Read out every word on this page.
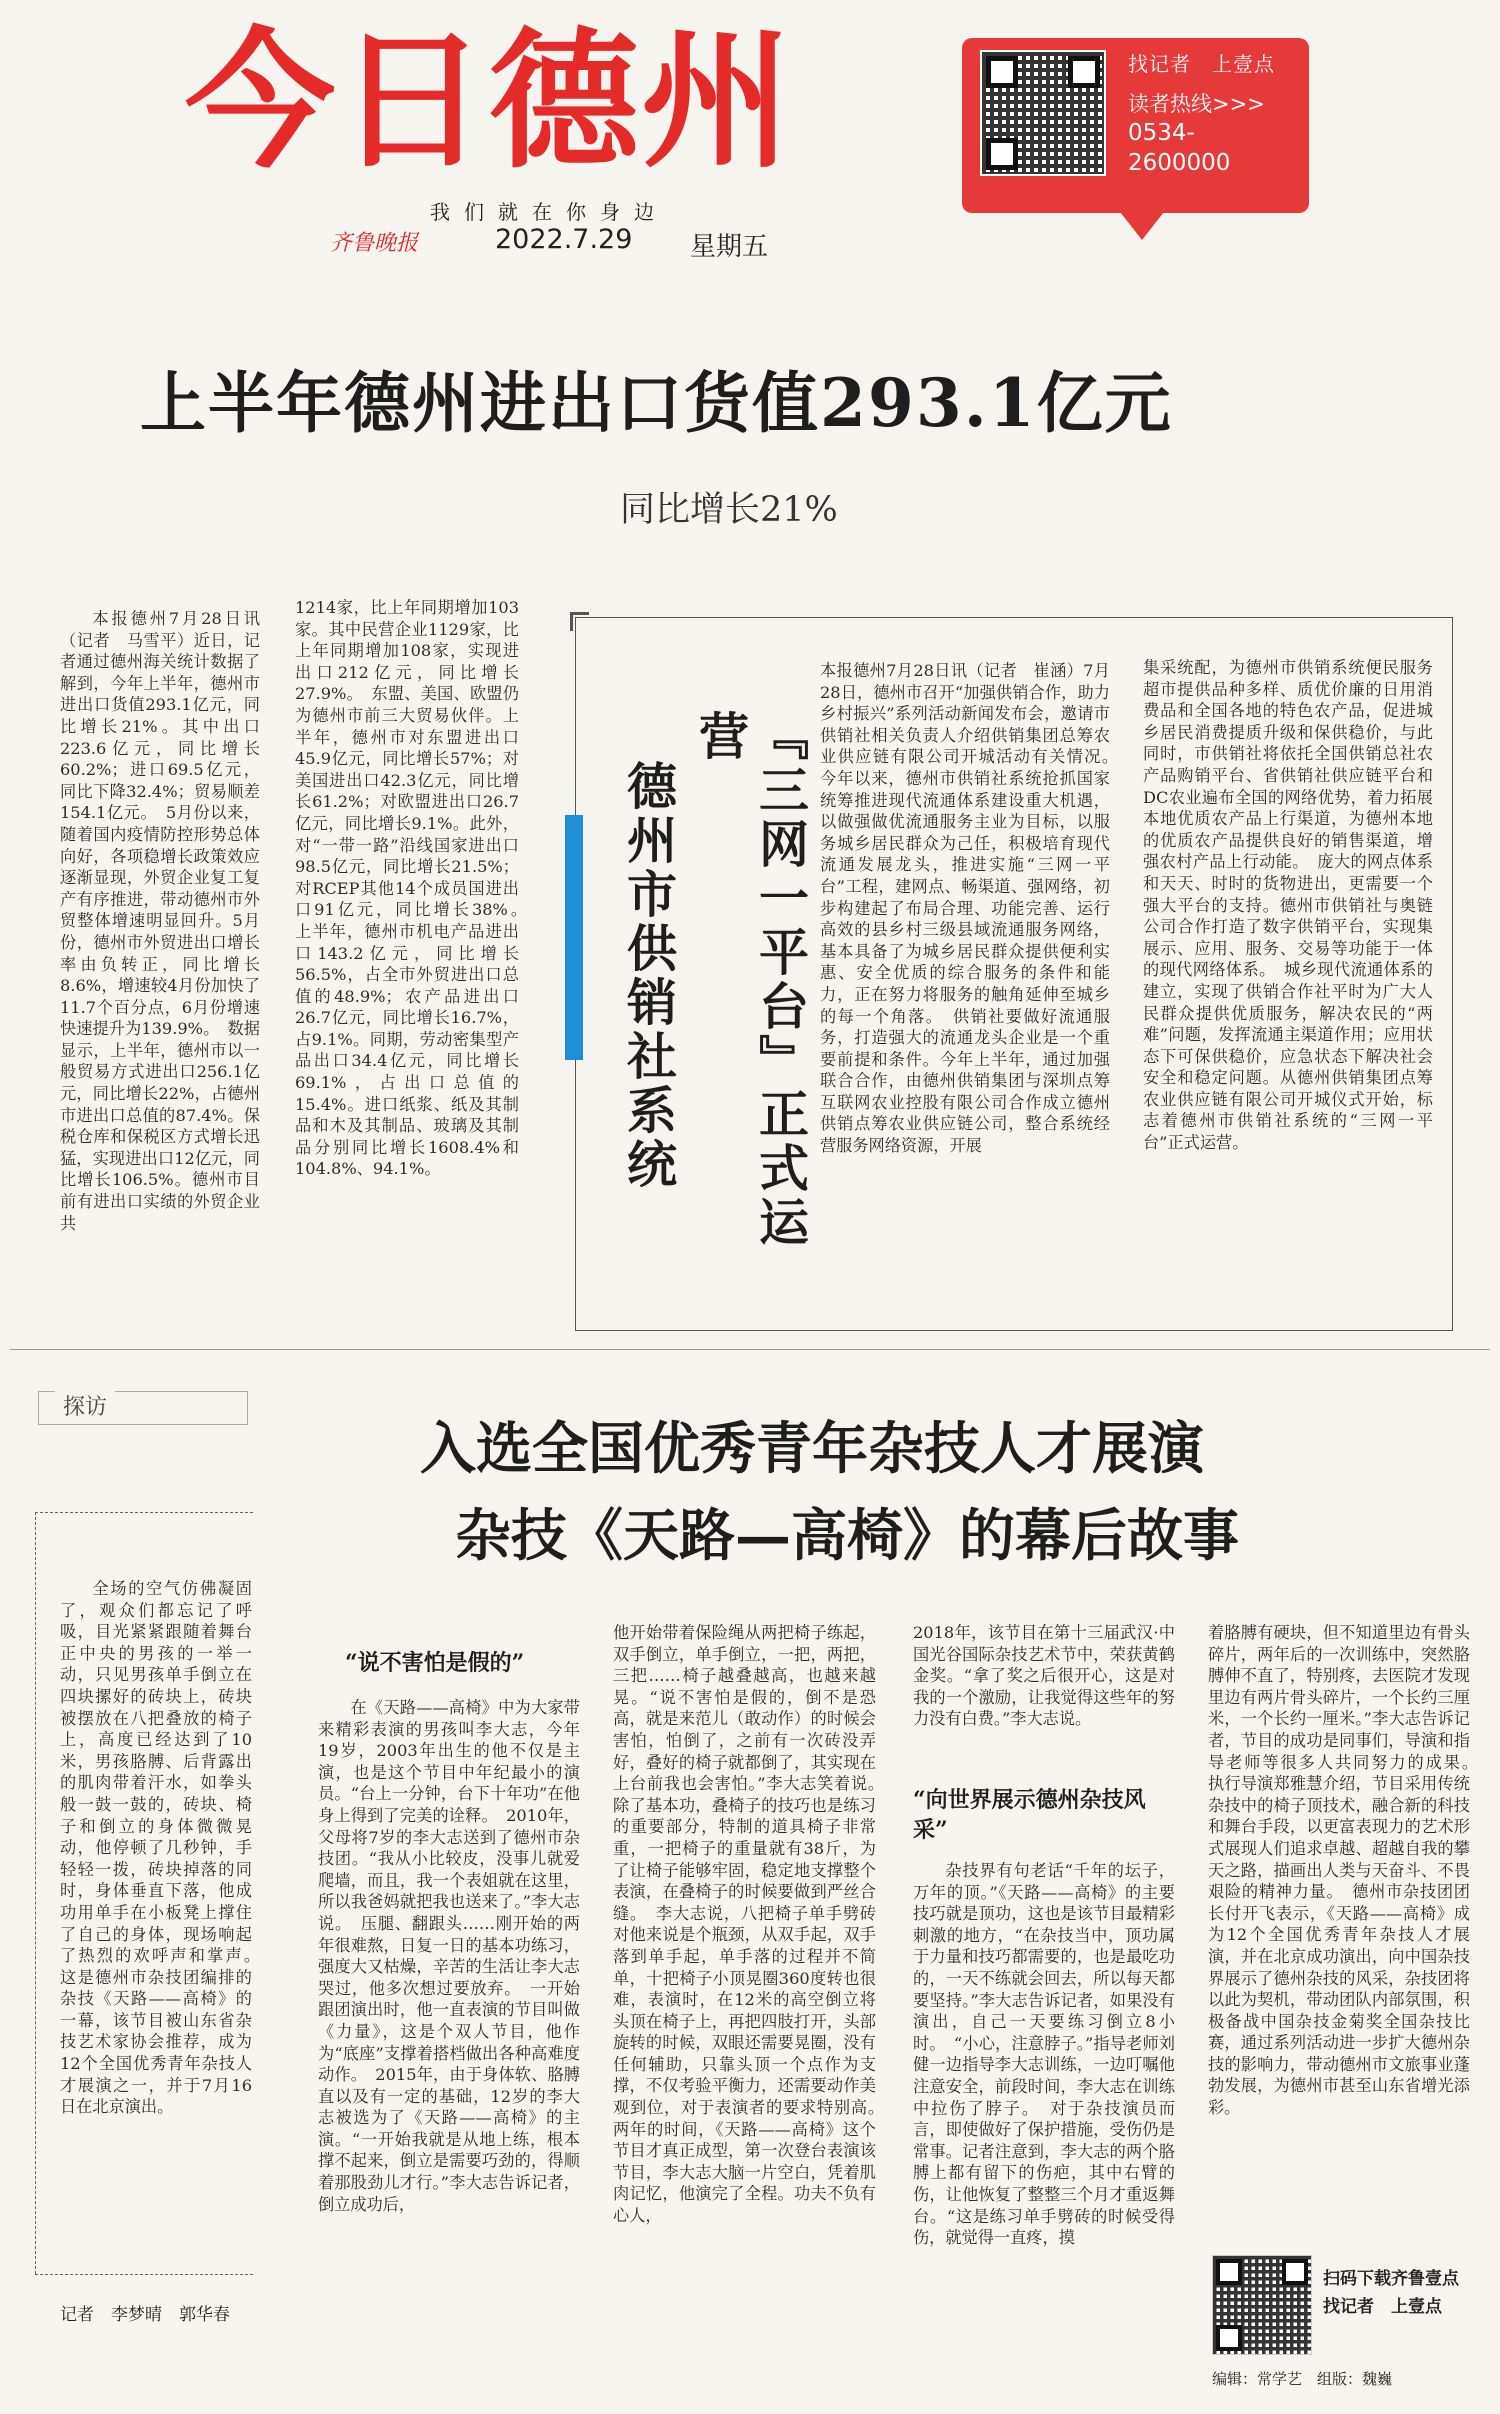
今日德州
我们就在你身边
齐鲁晚报	2022.7.29 星期五
找记者　上壹点
读者热线>>>
0534-
2600000
上半年德州进出口货值293.1亿元
同比增长21%
本报德州7月28日讯（记者　马雪平）近日，记者通过德州海关统计数据了解到，今年上半年，德州市进出口货值293.1亿元，同比增长21%。其中出口223.6亿元，同比增长60.2%；进口69.5亿元，同比下降32.4%；贸易顺差154.1亿元。　5月份以来，随着国内疫情防控形势总体向好，各项稳增长政策效应逐渐显现，外贸企业复工复产有序推进，带动德州市外贸整体增速明显回升。5月份，德州市外贸进出口增长率由负转正，同比增长8.6%，增速较4月份加快了11.7个百分点，6月份增速快速提升为139.9%。　数据显示，上半年，德州市以一般贸易方式进出口256.1亿元，同比增长22%，占德州市进出口总值的87.4%。保税仓库和保税区方式增长迅猛，实现进出口12亿元，同比增长106.5%。德州市目前有进出口实绩的外贸企业共
1214家，比上年同期增加103家。其中民营企业1129家，比上年同期增加108家，实现进出口212亿元，同比增长27.9%。　东盟、美国、欧盟仍为德州市前三大贸易伙伴。上半年，德州市对东盟进出口45.9亿元，同比增长57%；对美国进出口42.3亿元，同比增长61.2%；对欧盟进出口26.7亿元，同比增长9.1%。此外，对“一带一路”沿线国家进出口98.5亿元，同比增长21.5%；对RCEP其他14个成员国进出口91亿元，同比增长38%。　上半年，德州市机电产品进出口143.2亿元，同比增长56.5%，占全市外贸进出口总值的48.9%；农产品进出口26.7亿元，同比增长16.7%，占9.1%。同期，劳动密集型产品出口34.4亿元，同比增长69.1%，占出口总值的15.4%。进口纸浆、纸及其制品和木及其制品、玻璃及其制品分别同比增长1608.4%和104.8%、94.1%。	『三网一平台』正式运营
德州市供销社系统
本报德州7月28日讯（记者　崔涵）7月28日，德州市召开“加强供销合作，助力乡村振兴”系列活动新闻发布会，邀请市供销社相关负责人介绍供销集团总筹农业供应链有限公司开城活动有关情况。　今年以来，德州市供销社系统抢抓国家统筹推进现代流通体系建设重大机遇，以做强做优流通服务主业为目标，以服务城乡居民群众为己任，积极培育现代流通发展龙头，推进实施“三网一平台”工程，建网点、畅渠道、强网络，初步构建起了布局合理、功能完善、运行高效的县乡村三级县域流通服务网络，基本具备了为城乡居民群众提供便利实惠、安全优质的综合服务的条件和能力，正在努力将服务的触角延伸至城乡的每一个角落。　供销社要做好流通服务，打造强大的流通龙头企业是一个重要前提和条件。今年上半年，通过加强联合合作，由德州供销集团与深圳点筹互联网农业控股有限公司合作成立德州供销点筹农业供应链公司，整合系统经营服务网络资源，开展
集采统配，为德州市供销系统便民服务超市提供品种多样、质优价廉的日用消费品和全国各地的特色农产品，促进城乡居民消费提质升级和保供稳价，与此同时，市供销社将依托全国供销总社农产品购销平台、省供销社供应链平台和DC农业遍布全国的网络优势，着力拓展本地优质农产品上行渠道，为德州本地的优质农产品提供良好的销售渠道，增强农村产品上行动能。　庞大的网点体系和天天、时时的货物进出，更需要一个强大平台的支持。德州市供销社与奥链公司合作打造了数字供销平台，实现集展示、应用、服务、交易等功能于一体的现代网络体系。　城乡现代流通体系的建立，实现了供销合作社平时为广大人民群众提供优质服务，解决农民的“两难”问题，发挥流通主渠道作用；应用状态下可保供稳价，应急状态下解决社会安全和稳定问题。从德州供销集团点筹农业供应链有限公司开城仪式开始，标志着德州市供销社系统的“三网一平台”正式运营。
探访
入选全国优秀青年杂技人才展演
杂技《天路—高椅》的幕后故事
全场的空气仿佛凝固了，观众们都忘记了呼吸，目光紧紧跟随着舞台正中央的男孩的一举一动，只见男孩单手倒立在四块摞好的砖块上，砖块被摆放在八把叠放的椅子上，高度已经达到了10米，男孩胳膊、后背露出的肌肉带着汗水，如拳头般一鼓一鼓的，砖块、椅子和倒立的身体微微晃动，他停顿了几秒钟，手轻轻一拨，砖块掉落的同时，身体垂直下落，他成功用单手在小板凳上撑住了自己的身体，现场响起了热烈的欢呼声和掌声。　这是德州市杂技团编排的杂技《天路——高椅》的一幕，该节目被山东省杂技艺术家协会推荐，成为12个全国优秀青年杂技人才展演之一，并于7月16日在北京演出。
记者　李梦晴　郭华春
“说不害怕是假的”
在《天路——高椅》中为大家带来精彩表演的男孩叫李大志，今年19岁，2003年出生的他不仅是主演，也是这个节目中年纪最小的演员。“台上一分钟，台下十年功”在他身上得到了完美的诠释。　2010年，父母将7岁的李大志送到了德州市杂技团。“我从小比较皮，没事儿就爱爬墙，而且，我一个表姐就在这里，所以我爸妈就把我也送来了。”李大志说。　压腿、翻跟头……刚开始的两年很难熬，日复一日的基本功练习，强度大又枯燥，辛苦的生活让李大志哭过，他多次想过要放弃。　一开始跟团演出时，他一直表演的节目叫做《力量》，这是个双人节目，他作为“底座”支撑着搭档做出各种高难度动作。　2015年，由于身体软、胳膊直以及有一定的基础，12岁的李大志被选为了《天路——高椅》的主演。“一开始我就是从地上练，根本撑不起来，倒立是需要巧劲的，得顺着那股劲儿才行。”李大志告诉记者，倒立成功后，
他开始带着保险绳从两把椅子练起，双手倒立，单手倒立，一把，两把，三把……椅子越叠越高，也越来越晃。“说不害怕是假的，倒不是恐高，就是来范儿（敢动作）的时候会害怕，怕倒了，之前有一次砖没弄好，叠好的椅子就都倒了，其实现在上台前我也会害怕。”李大志笑着说。　除了基本功，叠椅子的技巧也是练习的重要部分，特制的道具椅子非常重，一把椅子的重量就有38斤，为了让椅子能够牢固，稳定地支撑整个表演，在叠椅子的时候要做到严丝合缝。　李大志说，八把椅子单手劈砖对他来说是个瓶颈，从双手起，双手落到单手起，单手落的过程并不简单，十把椅子小顶晃圈360度转也很难，表演时，在12米的高空倒立将头顶在椅子上，再把四肢打开，头部旋转的时候，双眼还需要晃圈，没有任何辅助，只靠头顶一个点作为支撑，不仅考验平衡力，还需要动作美观到位，对于表演者的要求特别高。　两年的时间，《天路——高椅》这个节目才真正成型，第一次登台表演该节目，李大志大脑一片空白，凭着肌肉记忆，他演完了全程。功夫不负有心人，
2018年，该节目在第十三届武汉·中国光谷国际杂技艺术节中，荣获黄鹤金奖。“拿了奖之后很开心，这是对我的一个激励，让我觉得这些年的努力没有白费。”李大志说。
“向世界展示德州杂技风采”
杂技界有句老话“千年的坛子，万年的顶。”《天路——高椅》的主要技巧就是顶功，这也是该节目最精彩刺激的地方，“在杂技当中，顶功属于力量和技巧都需要的，也是最吃功的，一天不练就会回去，所以每天都要坚持。”李大志告诉记者，如果没有演出，自己一天要练习倒立8小时。　“小心，注意脖子。”指导老师刘健一边指导李大志训练，一边叮嘱他注意安全，前段时间，李大志在训练中拉伤了脖子。　对于杂技演员而言，即使做好了保护措施，受伤仍是常事。记者注意到，李大志的两个胳膊上都有留下的伤疤，其中右臂的伤，让他恢复了整整三个月才重返舞台。“这是练习单手劈砖的时候受得伤，就觉得一直疼，摸
着胳膊有硬块，但不知道里边有骨头碎片，两年后的一次训练中，突然胳膊伸不直了，特别疼，去医院才发现里边有两片骨头碎片，一个长约三厘米，一个长约一厘米。”李大志告诉记者，节目的成功是同事们，导演和指导老师等很多人共同努力的成果。　执行导演郑雅慧介绍，节目采用传统杂技中的椅子顶技术，融合新的科技和舞台手段，以更富表现力的艺术形式展现人们追求卓越、超越自我的攀天之路，描画出人类与天奋斗、不畏艰险的精神力量。　德州市杂技团团长付开飞表示，《天路——高椅》成为12个全国优秀青年杂技人才展演，并在北京成功演出，向中国杂技界展示了德州杂技的风采，杂技团将以此为契机，带动团队内部氛围，积极备战中国杂技金菊奖全国杂技比赛，通过系列活动进一步扩大德州杂技的影响力，带动德州市文旅事业蓬勃发展，为德州市甚至山东省增光添彩。
扫码下载齐鲁壹点
找记者　上壹点
编辑：常学艺　组版：魏巍
